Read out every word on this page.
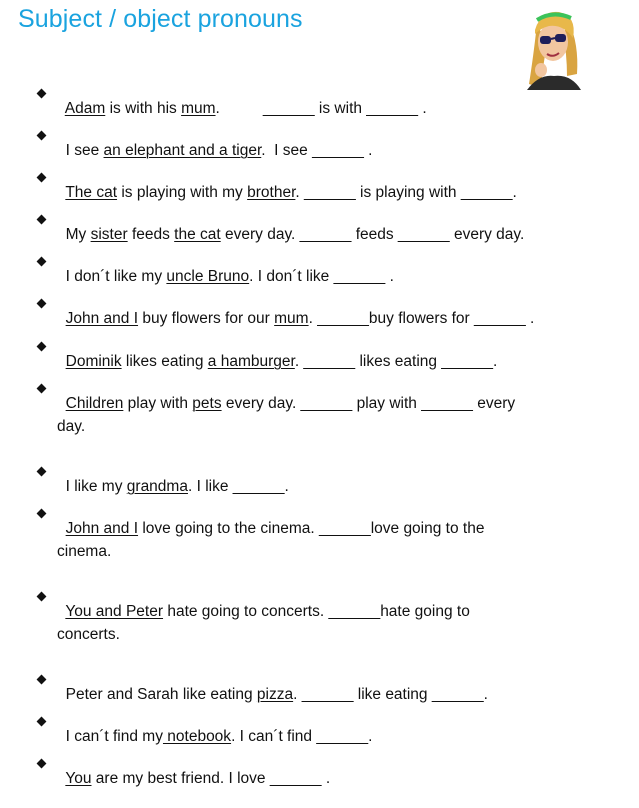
Subject / object pronouns

Adam is with his mum.          ______ is with ______ .

I see an elephant and a tiger.  I see ______ .

The cat is playing with my brother. ______ is playing with ______.

My sister feeds the cat every day. ______ feeds ______ every day.

I don´t like my uncle Bruno. I don´t like ______ .

John and I buy flowers for our mum. ______buy flowers for ______ .

Dominik likes eating a hamburger. ______ likes eating ______.

Children play with pets every day. ______ play with ______ every

day.

I like my grandma. I like ______.

John and I love going to the cinema. ______love going to the

cinema.

You and Peter hate going to concerts. ______hate going to

concerts.

Peter and Sarah like eating pizza. ______ like eating ______.

I can´t find my notebook. I can´t find ______.

You are my best friend. I love ______ .
